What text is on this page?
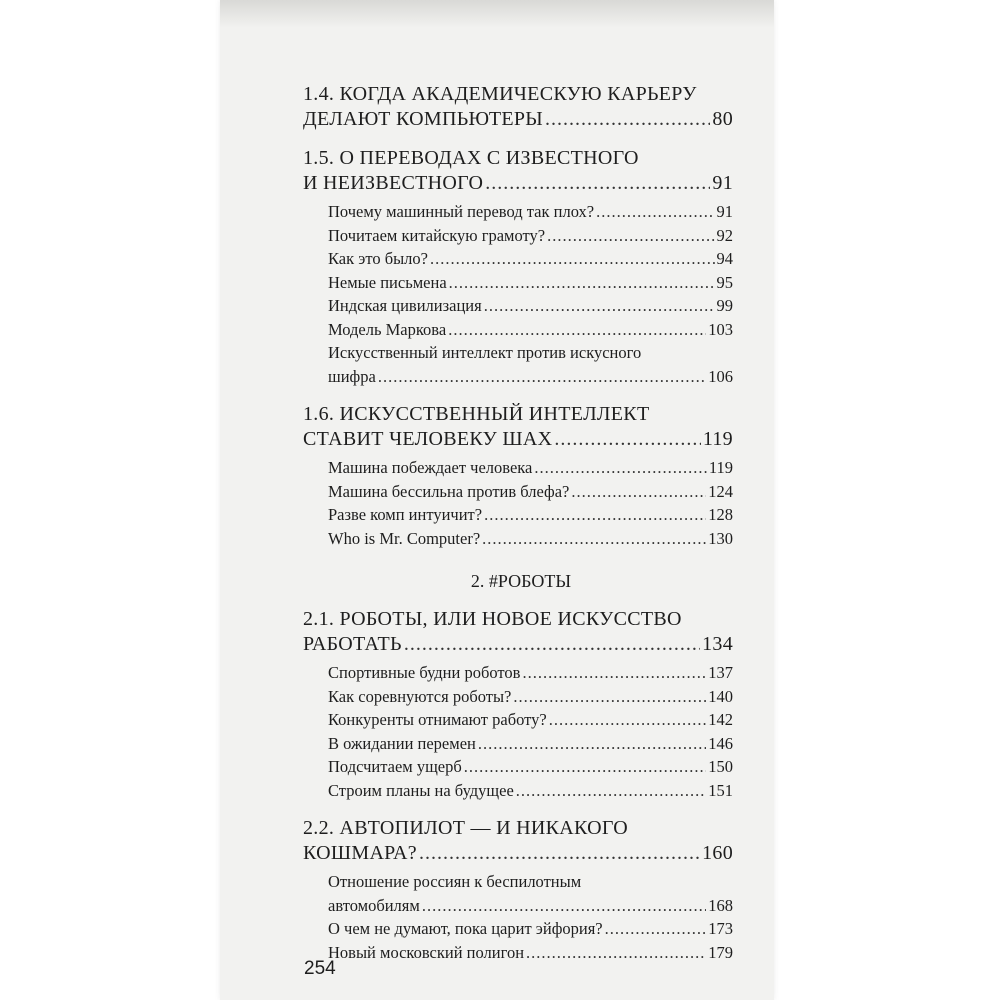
1.4. КОГДА АКАДЕМИЧЕСКУЮ КАРЬЕРУ
ДЕЛАЮТ КОМПЬЮТЕРЫ .....	80
1.5. О ПЕРЕВОДАХ С ИЗВЕСТНОГО
И НЕИЗВЕСТНОГО .....	91
Почему машинный перевод так плох? .....	91
Почитаем китайскую грамоту? .....	92
Как это было? .....	94
Немые письмена .....	95
Индская цивилизация .....	99
Модель Маркова .....	103
Искусственный интеллект против искусного
шифра .....	106
1.6. ИСКУССТВЕННЫЙ ИНТЕЛЛЕКТ
СТАВИТ ЧЕЛОВЕКУ ШАХ .....	119
Машина побеждает человека .....	119
Машина бессильна против блефа? .....	124
Разве комп интуичит? .....	128
Who is Mr. Computer? .....	130
2. #РОБОТЫ
2.1. РОБОТЫ, ИЛИ НОВОЕ ИСКУССТВО
РАБОТАТЬ .....	134
Спортивные будни роботов .....	137
Как соревнуются роботы? .....	140
Конкуренты отнимают работу? .....	142
В ожидании перемен .....	146
Подсчитаем ущерб .....	150
Строим планы на будущее .....	151
2.2. АВТОПИЛОТ — И НИКАКОГО
КОШМАРА? .....	160
Отношение россиян к беспилотным
автомобилям .....	168
О чем не думают, пока царит эйфория? .....	173
Новый московский полигон .....	179
254
